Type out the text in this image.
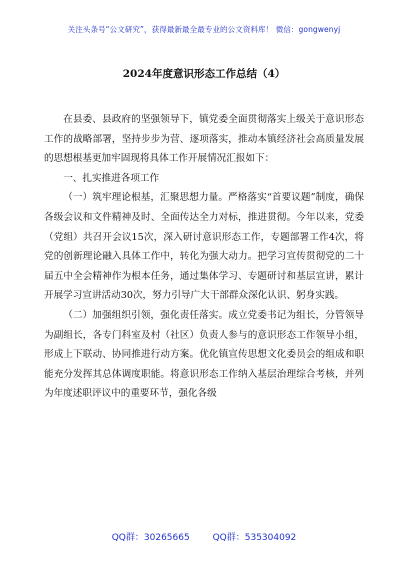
关注头条号“公文研究”，获得最新最全最专业的公文资料库！ 微信：gongwenyj
2024年度意识形态工作总结（4）

在县委、县政府的坚强领导下，镇党委全面贯彻落实上级关于意识形态工作的战略部署，坚持步步为营、逐项落实，推动本镇经济社会高质量发展的思想根基更加牢固现将具体工作开展情况汇报如下：

一、扎实推进各项工作

（一）筑牢理论根基，汇聚思想力量。严格落实“首要议题”制度，确保各级会议和文件精神及时、全面传达全力对标，推进贯彻。今年以来，党委（党组）共召开会议15次，深入研讨意识形态工作，专题部署工作4次，将党的创新理论融入具体工作中，转化为强大动力。把学习宣传贯彻党的二十届五中全会精神作为根本任务，通过集体学习、专题研讨和基层宣讲，累计开展学习宣讲活动30次，努力引导广大干部群众深化认识、躬身实践。

（二）加强组织引领，强化责任落实。成立党委书记为组长，分管领导为副组长，各专门科室及村（社区）负责人参与的意识形态工作领导小组，形成上下联动、协同推进行动方案。优化镇宣传思想文化委员会的组成和职能充分发挥其总体调度职能。将意识形态工作纳入基层治理综合考核，并列为年度述职评议中的重要环节，强化各级

QQ群：30265665	QQ群：535304092
